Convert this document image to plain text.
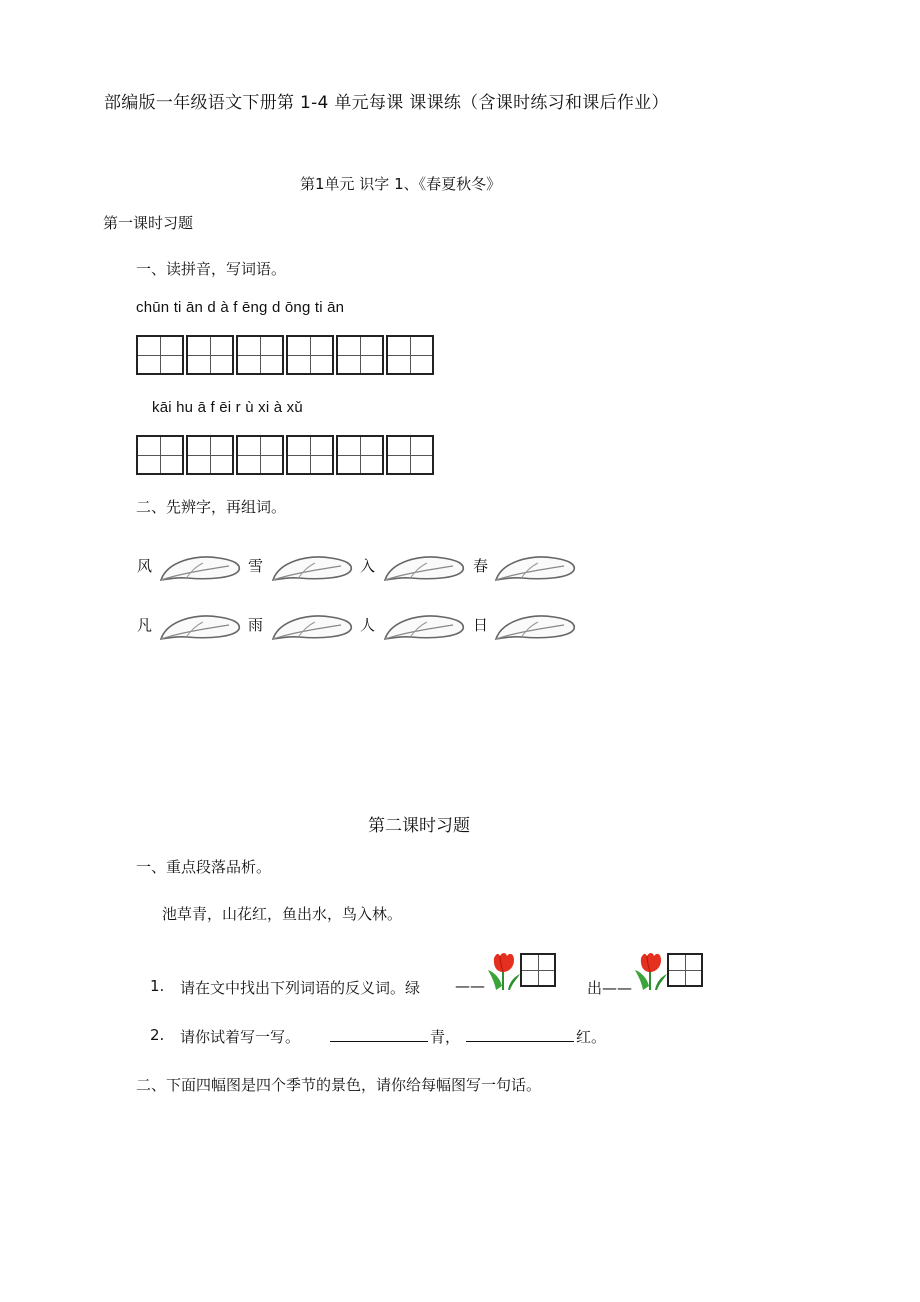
部编版一年级语文下册第 1-4 单元每课 课课练（含课时练习和课后作业）
第1单元 识字 1、《春夏秋冬》
第一课时习题
一、读拼音，写词语。
chūn ti ān d à f ēng d ōng ti ān
kāi hu ā f ēi r ù xi à xǔ
二、先辨字，再组词。
风	雪	入	春
凡	雨	人	日
第二课时习题
一、重点段落品析。
池草青，山花红，鱼出水，鸟入林。
1. 请在文中找出下列词语的反义词。绿 ——	出——
2. 请你试着写一写。	青，	红。
二、下面四幅图是四个季节的景色，请你给每幅图写一句话。
